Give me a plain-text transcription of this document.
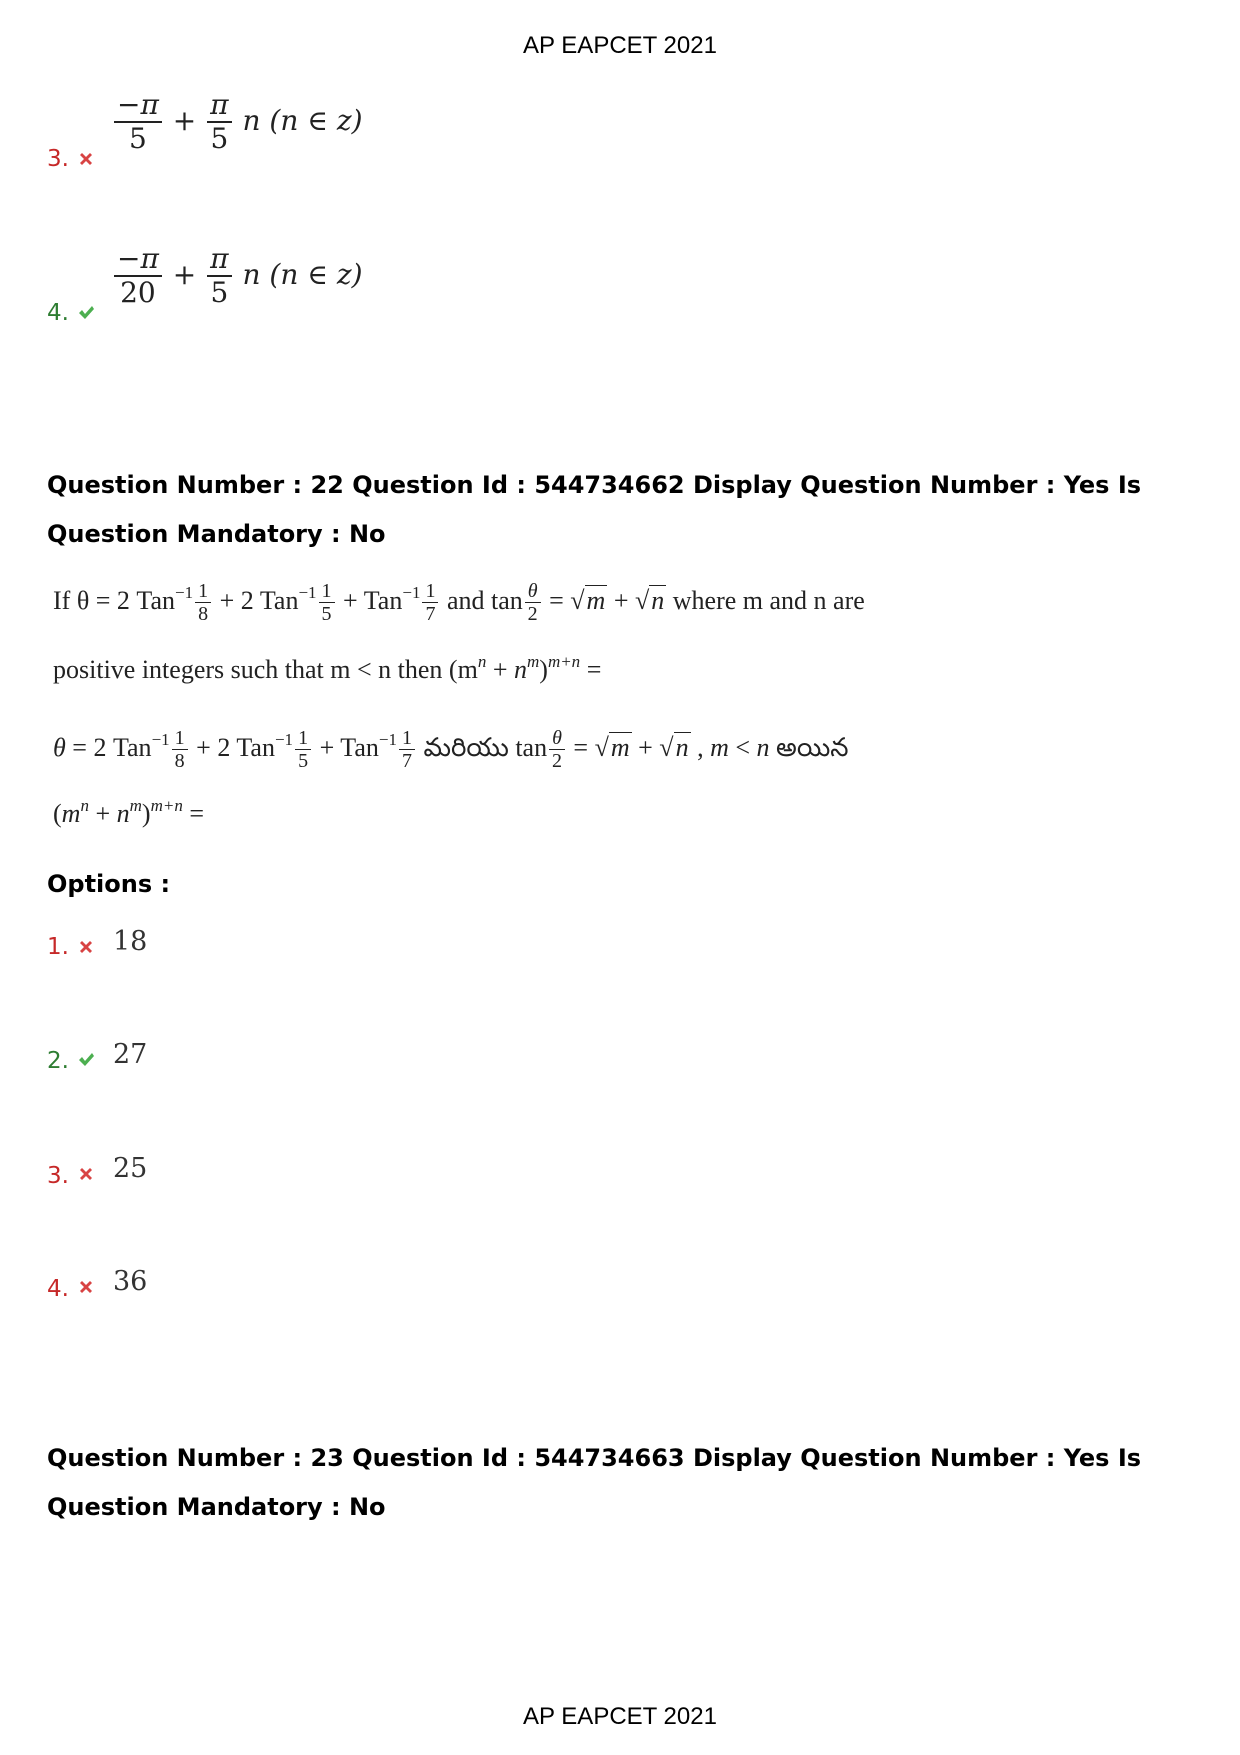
AP EAPCET 2021
3.
$\frac{-\pi}{5} + \frac{\pi}{5}$ n (n ∈ z)
4.
$\frac{-\pi}{20} + \frac{\pi}{5}$ n (n ∈ z)
Question Number : 22 Question Id : 544734662 Display Question Number : Yes Is Question Mandatory : No
If θ = 2 $Tan^{-1} \frac{1}{8} + 2$ $Tan^{-1} \frac{1}{5} + Tan^{-1} \frac{1}{7}$ and $\tan \frac{\theta}{2} = √m + √n$ where m and n are
positive integers such that m < n then $(m^n + n^m)^{m+n}$ =
θ = 2 $Tan^{-1} \frac{1}{8} + 2$ $Tan^{-1} \frac{1}{5} + Tan^{-1} \frac{1}{7}$ మరియు $\tan \frac{\theta}{2} = √m + √n$ , m < n అయిన
$(m^n + n^m)^{m+n}$ =
Options :
1. 18
2. 27
3. 25
4. 36
Question Number : 23 Question Id : 544734663 Display Question Number : Yes Is Question Mandatory : No
AP EAPCET 2021
